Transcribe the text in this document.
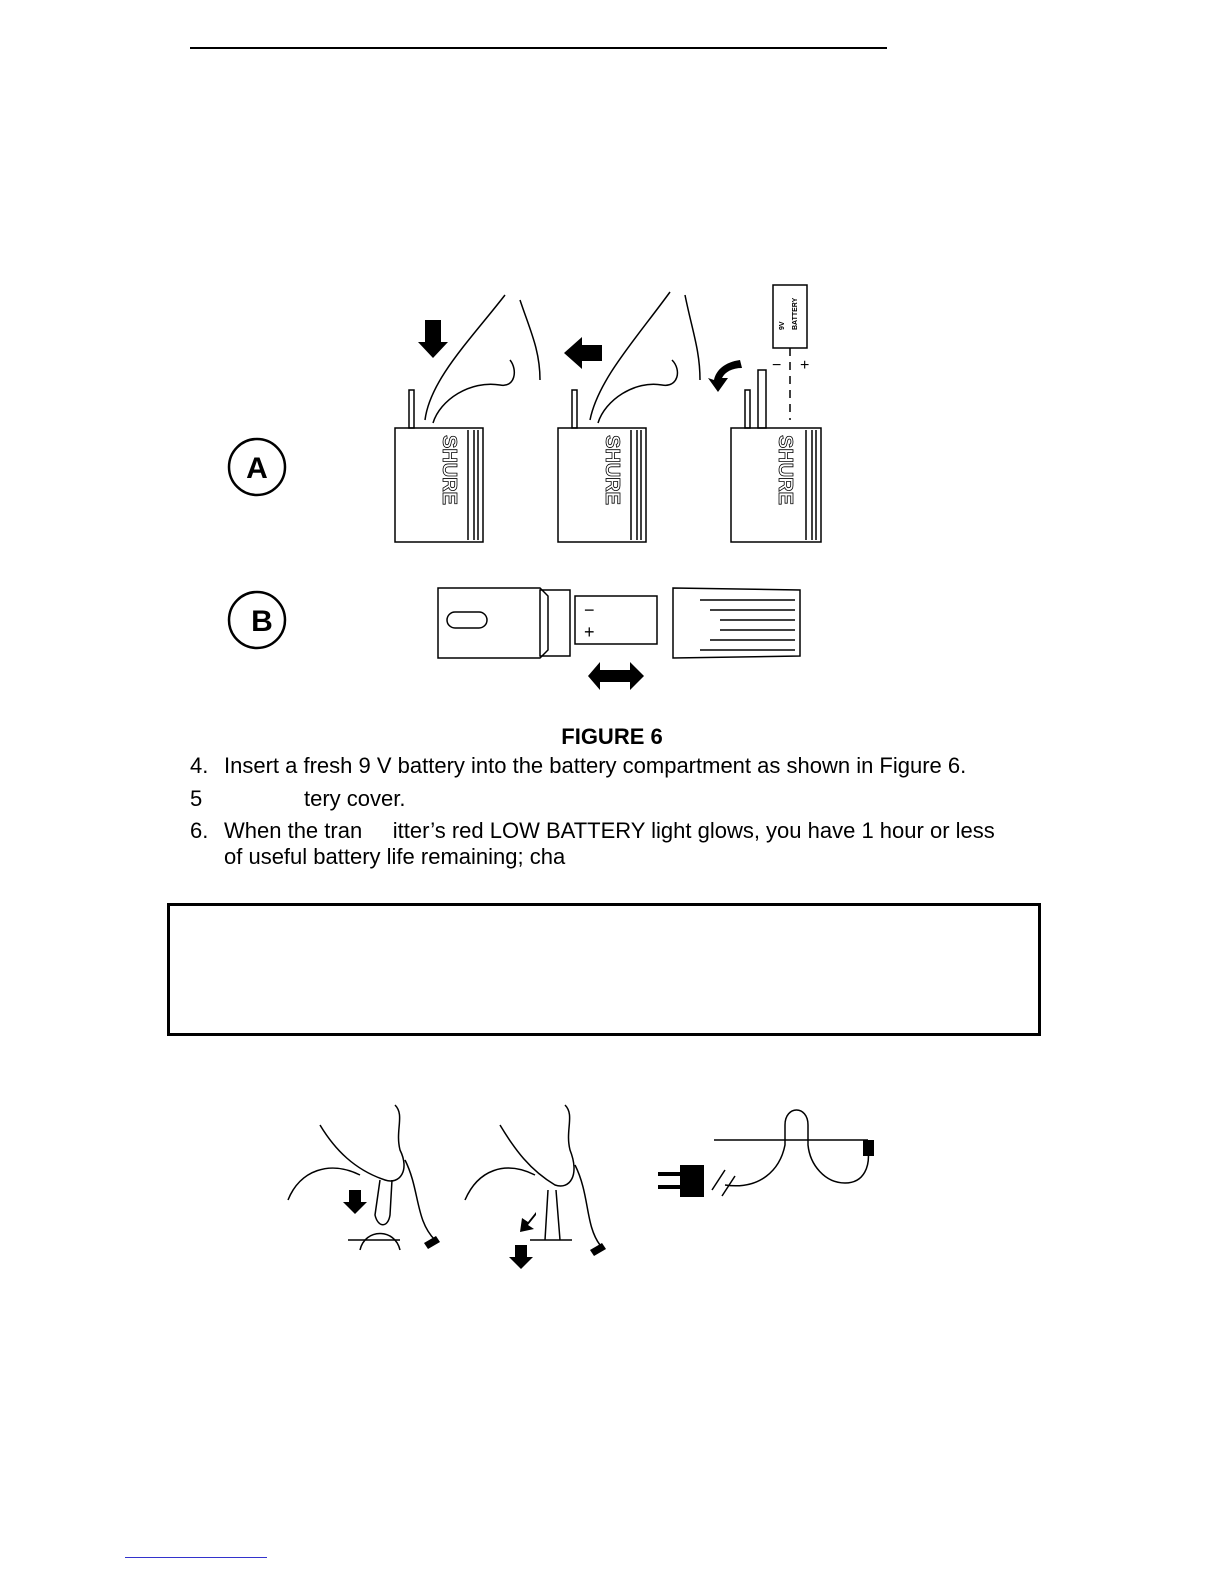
A
B
SHURE	SHURE	SHURE
9V BATTERY
− +
−
+
FIGURE 6
4. Insert a fresh 9 V battery into the battery compartment as shown in Figure 6.
5	tery cover.
6. When the tran     itter’s red LOW BATTERY light glows, you have 1 hour or less
of useful battery life remaining; cha
